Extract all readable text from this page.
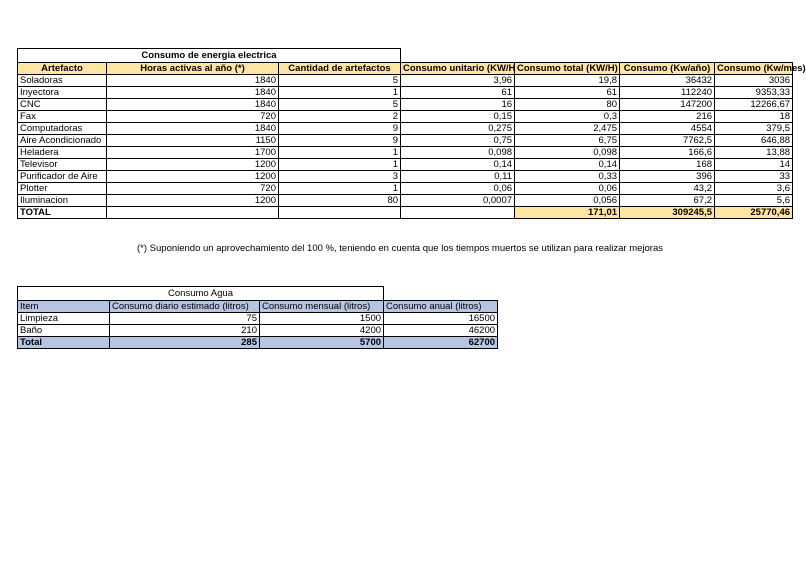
Consumo de energia electrica						
Artefacto	Horas activas al año (*)	Cantidad de artefactos	Consumo unitario (KW/H	Consumo total (KW/H)	Consumo (Kw/año)	Consumo (Kw/mes)
Soladoras	1840	5	3,96	19,8	36432	3036
Inyectora	1840	1	61	61	112240	9353,33
CNC	1840	5	16	80	147200	12266,67
Fax	720	2	0,15	0,3	216	18
Computadoras	1840	9	0,275	2,475	4554	379,5
Aire Acondicionado	1150	9	0,75	6,75	7762,5	646,88
Heladera	1700	1	0,098	0,098	166,6	13,88
Televisor	1200	1	0,14	0,14	168	14
Purificador de Aire	1200	3	0,11	0,33	396	33
Plotter	720	1	0,06	0,06	43,2	3,6
Iluminacion	1200	80	0,0007	0,056	67,2	5,6
TOTAL				171,01	309245,5	25770,46
(*) Suponiendo un aprovechamiento del 100 %, teniendo en cuenta que los tiempos muertos se utilizan para realizar mejoras
Consumo Agua			
Item	Consumo diario estimado (litros)	Consumo mensual (litros)	Consumo anual (litros)
Limpieza	75	1500	16500
Baño	210	4200	46200
Total	285	5700	62700
